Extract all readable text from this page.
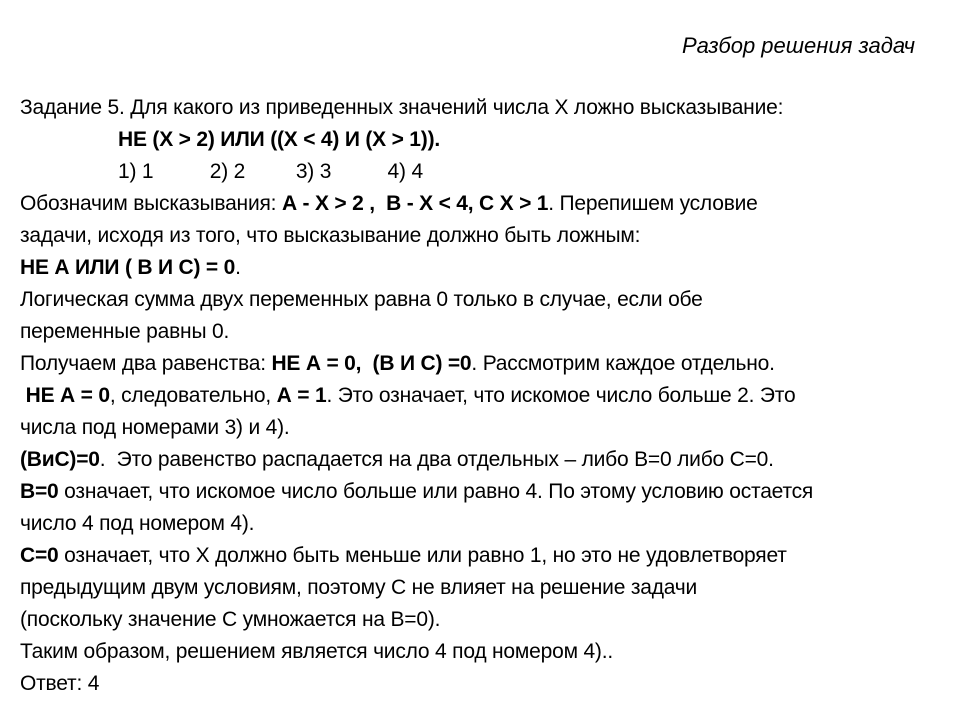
Разбор решения задач
Задание 5. Для какого из приведенных значений числа X ложно высказывание:
НЕ (X > 2) ИЛИ ((X < 4) И (X > 1)).
1) 1          2) 2         3) 3          4) 4
Обозначим высказывания: А - X > 2 ,  В - X < 4, С X > 1. Перепишем условие
задачи, исходя из того, что высказывание должно быть ложным:
НЕ А ИЛИ ( В И С) = 0.
Логическая сумма двух переменных равна 0 только в случае, если обе
переменные равны 0.
Получаем два равенства: НЕ А = 0,  (В И С) =0. Рассмотрим каждое отдельно.
НЕ А = 0, следовательно, А = 1. Это означает, что искомое число больше 2. Это
числа под номерами 3) и 4).
(ВиС)=0.  Это равенство распадается на два отдельных – либо В=0 либо С=0.
В=0 означает, что искомое число больше или равно 4. По этому условию остается
число 4 под номером 4).
С=0 означает, что X должно быть меньше или равно 1, но это не удовлетворяет
предыдущим двум условиям, поэтому С не влияет на решение задачи
(поскольку значение С умножается на В=0).
Таким образом, решением является число 4 под номером 4)..
Ответ: 4
